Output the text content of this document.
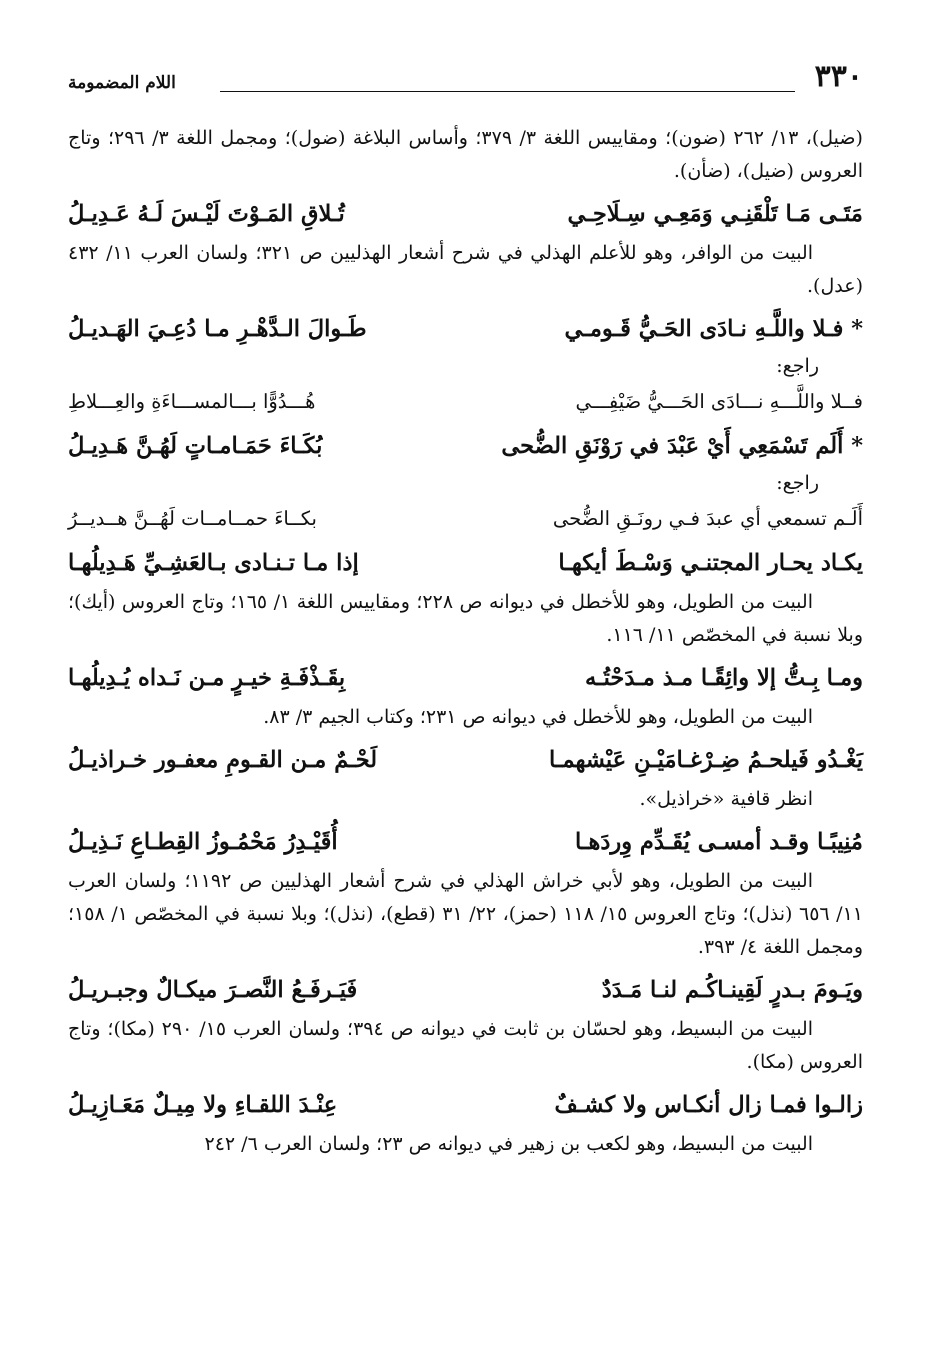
٣٣٠
اللام المضمومة

(ضيل)، ١٣/ ٢٦٢ (ضون)؛ ومقاييس اللغة ٣/ ٣٧٩؛ وأساس البلاغة (ضول)؛ ومجمل اللغة ٣/ ٢٩٦؛ وتاج العروس (ضيل)، (ضأن).

مَتَـى مَـا تَلْقَنِـي وَمَعِـي سِـلَاحِـي
تُـلاقِ المَـوْتَ لَيْـسَ لَـهُ عَـدِيـلُ

البيت من الوافر، وهو للأعلم الهذلي في شرح أشعار الهذليين ص ٣٢١؛ ولسان العرب ١١/ ٤٣٢ (عدل).

* فـلا واللَّـهِ نـادَى الحَـيُّ قَـومـي
طَـوالَ الـدَّهْـرِ مـا دُعِـيَ الهَـديـلُ

راجع:

فــلا واللَّـــهِ نـــادَى الحَـــيُّ ضَيْفِـــي
هُـــدُوًّا بـــالمســـاءَةِ والعِـــلاطِ
* أَلَم تَسْمَعِي أَيْ عَبْدَ في رَوْنَقِ الضُّحى
بُكَـاءَ حَمَـامـاتٍ لَهُـنَّ هَـدِيـلُ

راجع:

أَلَـم تسمعي أي عبدَ فـي رونَـقِ الضُّحى
بكــاءَ حمــامــات لَهُــنَّ هــديــرُ
يكـاد يحـار المجتنـي وَسْـطَ أيكهـا
إذا مـا تـنـادى بـالعَشِـيِّ هَـدِيلُهـا

البيت من الطويل، وهو للأخطل في ديوانه ص ٢٢٨؛ ومقاييس اللغة ١/ ١٦٥؛ وتاج العروس (أيك)؛ وبلا نسبة في المخصّص ١١/ ١١٦.

ومـا بِـتُّ إلا وائِقًـا مـذ مـدَحْتُـه
بِقَـذْفَـةِ خيـرٍ مـن نَـداه يُـدِيلُهـا

البيت من الطويل، وهو للأخطل في ديوانه ص ٢٣١؛ وكتاب الجيم ٣/ ٨٣.

يَغْـدُو فَيلحـمُ ضِـرْغـامَيْـنِ عَيْشهمـا
لَحْـمٌ مـن القـومِ معفـور خـراذيـلُ

انظر قافية «خراذيل».

مُنِيبًـا وقـد أمسـى يُقَـدِّم وِردَهـا
أُقَيْـدِرُ مَحْمُـوزُ القِطـاعِ نَـذِيـلُ

البيت من الطويل، وهو لأبي خراش الهذلي في شرح أشعار الهذليين ص ١١٩٢؛ ولسان العرب ١١/ ٦٥٦ (نذل)؛ وتاج العروس ١٥/ ١١٨ (حمز)، ٢٢/ ٣١ (قطع)، (نذل)؛ وبلا نسبة في المخصّص ١/ ١٥٨؛ ومجمل اللغة ٤/ ٣٩٣.

ويَـومَ بـدرٍ لَقِينـاكُـم لنـا مَـدَدٌ
فَيَـرفَـعُ النَّصـرَ ميكـالٌ وجبـريـلُ

البيت من البسيط، وهو لحسّان بن ثابت في ديوانه ص ٣٩٤؛ ولسان العرب ١٥/ ٢٩٠ (مكا)؛ وتاج العروس (مكا).

زالـوا فمـا زال أنكـاس ولا كشـفٌ
عِنْـدَ اللقـاءِ ولا مِيـلٌ مَعَـازِيـلُ

البيت من البسيط، وهو لكعب بن زهير في ديوانه ص ٢٣؛ ولسان العرب ٦/ ٢٤٢
